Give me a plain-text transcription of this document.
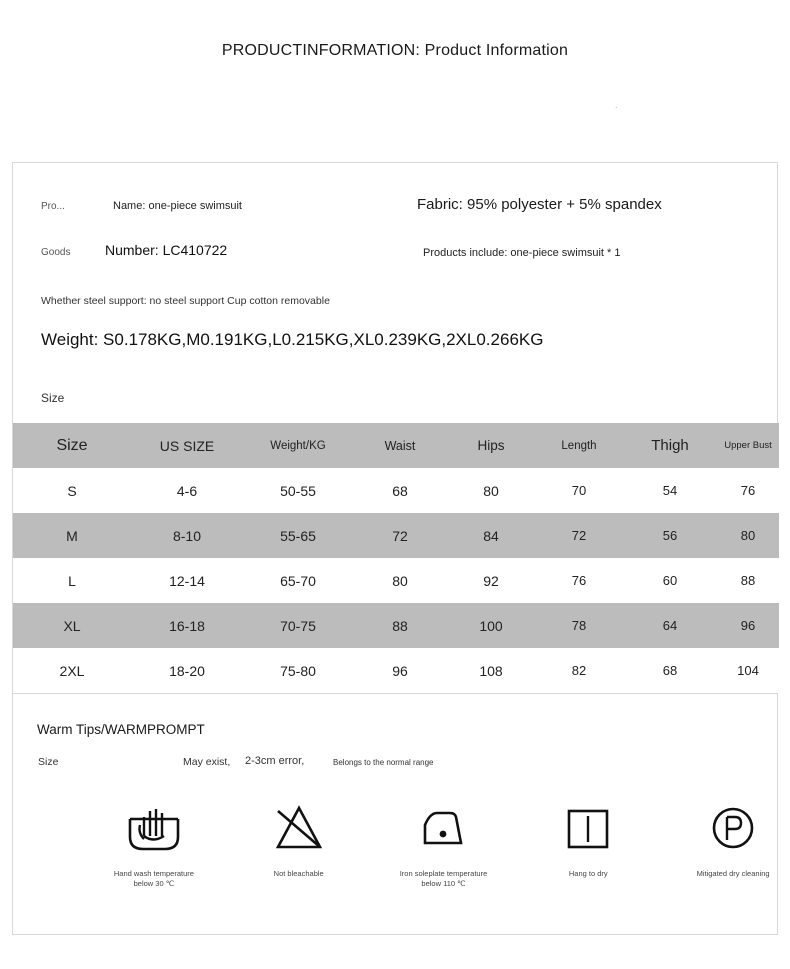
PRODUCTINFORMATION: Product Information
.
Pro...	Name: one-piece swimsuit	Fabric: 95% polyester + 5% spandex
Goods Number: LC410722	Products include: one-piece swimsuit * 1
Whether steel support: no steel support Cup cotton removable
Weight: S0.178KG,M0.191KG,L0.215KG,XL0.239KG,2XL0.266KG
Size
Size	US SIZE	Weight/KG	Waist	Hips	Length	Thigh	Upper Bust
S	4-6	50-55	68	80	70	54	76
M	8-10	55-65	72	84	72	56	80
L	12-14	65-70	80	92	76	60	88
XL	16-18	70-75	88	100	78	64	96
2XL	18-20	75-80	96	108	82	68	104
Warm Tips/WARMPROMPT
Size	May exist, 2-3cm error,	Belongs to the normal range
Hand wash temperature below 30 ℃
Not bleachable	Iron soleplate temperature below 110 ℃
Hang to dry	Mitigated dry cleaning
